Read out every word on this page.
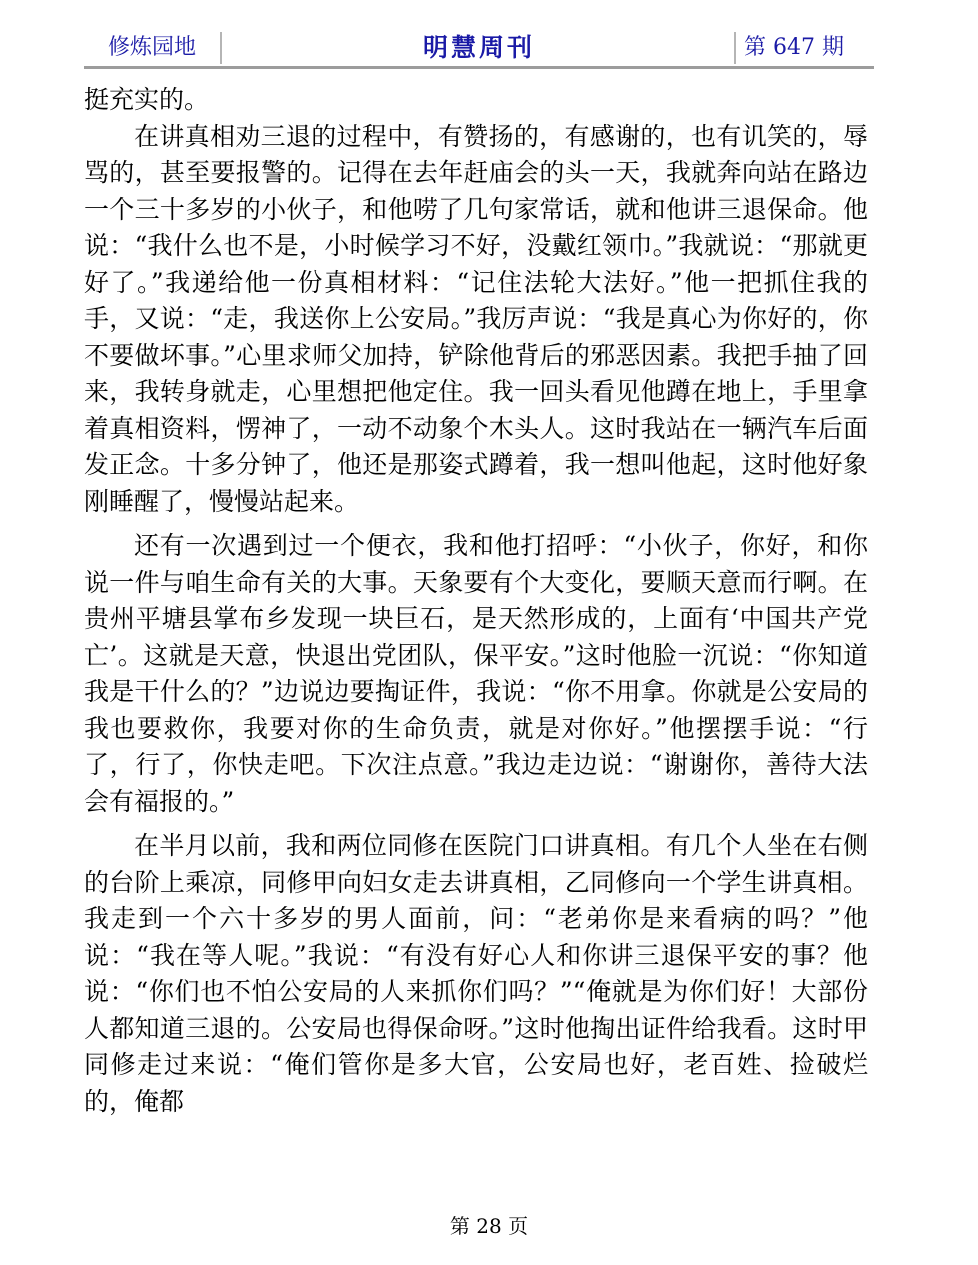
修炼园地	明慧周刊	第 647 期

挺充实的。

在讲真相劝三退的过程中，有赞扬的，有感谢的，也有讥笑的，辱骂的，甚至要报警的。记得在去年赶庙会的头一天，我就奔向站在路边一个三十多岁的小伙子，和他唠了几句家常话，就和他讲三退保命。他说：“我什么也不是，小时候学习不好，没戴红领巾。”我就说：“那就更好了。”我递给他一份真相材料：“记住法轮大法好。”他一把抓住我的手，又说：“走，我送你上公安局。”我厉声说：“我是真心为你好的，你不要做坏事。”心里求师父加持，铲除他背后的邪恶因素。我把手抽了回来，我转身就走，心里想把他定住。我一回头看见他蹲在地上，手里拿着真相资料，愣神了，一动不动象个木头人。这时我站在一辆汽车后面发正念。十多分钟了，他还是那姿式蹲着，我一想叫他起，这时他好象刚睡醒了，慢慢站起来。

还有一次遇到过一个便衣，我和他打招呼：“小伙子，你好，和你说一件与咱生命有关的大事。天象要有个大变化，要顺天意而行啊。在贵州平塘县掌布乡发现一块巨石，是天然形成的，上面有‘中国共产党亡’。这就是天意，快退出党团队，保平安。”这时他脸一沉说：“你知道我是干什么的？”边说边要掏证件，我说：“你不用拿。你就是公安局的我也要救你，我要对你的生命负责，就是对你好。”他摆摆手说：“行了，行了，你快走吧。下次注点意。”我边走边说：“谢谢你，善待大法会有福报的。”

在半月以前，我和两位同修在医院门口讲真相。有几个人坐在右侧的台阶上乘凉，同修甲向妇女走去讲真相，乙同修向一个学生讲真相。我走到一个六十多岁的男人面前，问：“老弟你是来看病的吗？”他说：“我在等人呢。”我说：“有没有好心人和你讲三退保平安的事？他说：“你们也不怕公安局的人来抓你们吗？”“俺就是为你们好！大部份人都知道三退的。公安局也得保命呀。”这时他掏出证件给我看。这时甲同修走过来说：“俺们管你是多大官，公安局也好，老百姓、捡破烂的，俺都

第 28 页
